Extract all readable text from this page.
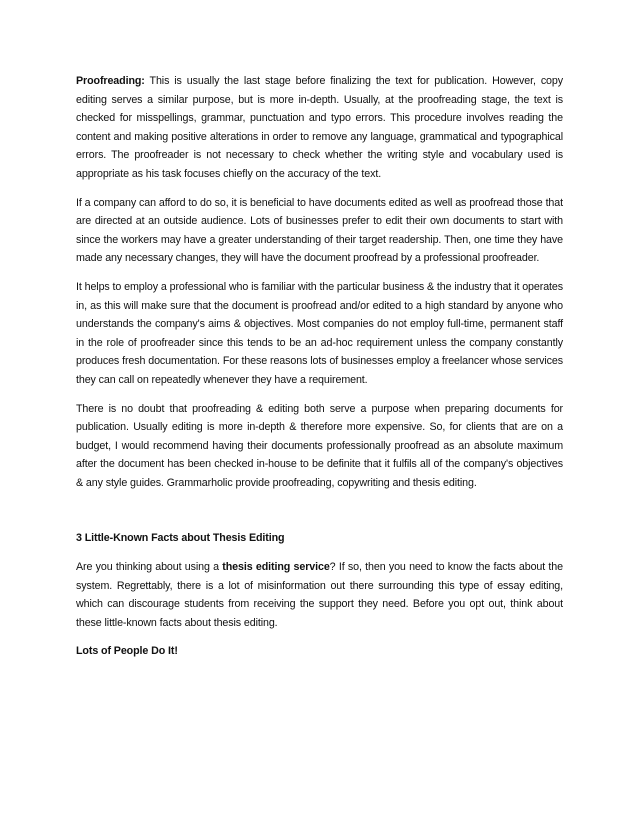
Proofreading: This is usually the last stage before finalizing the text for publication. However, copy editing serves a similar purpose, but is more in-depth. Usually, at the proofreading stage, the text is checked for misspellings, grammar, punctuation and typo errors. This procedure involves reading the content and making positive alterations in order to remove any language, grammatical and typographical errors. The proofreader is not necessary to check whether the writing style and vocabulary used is appropriate as his task focuses chiefly on the accuracy of the text.

If a company can afford to do so, it is beneficial to have documents edited as well as proofread those that are directed at an outside audience. Lots of businesses prefer to edit their own documents to start with since the workers may have a greater understanding of their target readership. Then, one time they have made any necessary changes, they will have the document proofread by a professional proofreader.

It helps to employ a professional who is familiar with the particular business & the industry that it operates in, as this will make sure that the document is proofread and/or edited to a high standard by anyone who understands the company's aims & objectives. Most companies do not employ full-time, permanent staff in the role of proofreader since this tends to be an ad-hoc requirement unless the company constantly produces fresh documentation. For these reasons lots of businesses employ a freelancer whose services they can call on repeatedly whenever they have a requirement.

There is no doubt that proofreading & editing both serve a purpose when preparing documents for publication. Usually editing is more in-depth & therefore more expensive. So, for clients that are on a budget, I would recommend having their documents professionally proofread as an absolute maximum after the document has been checked in-house to be definite that it fulfils all of the company's objectives & any style guides. Grammarholic provide proofreading, copywriting and thesis editing.

3 Little-Known Facts about Thesis Editing

Are you thinking about using a thesis editing service? If so, then you need to know the facts about the system. Regrettably, there is a lot of misinformation out there surrounding this type of essay editing, which can discourage students from receiving the support they need. Before you opt out, think about these little-known facts about thesis editing.

Lots of People Do It!
